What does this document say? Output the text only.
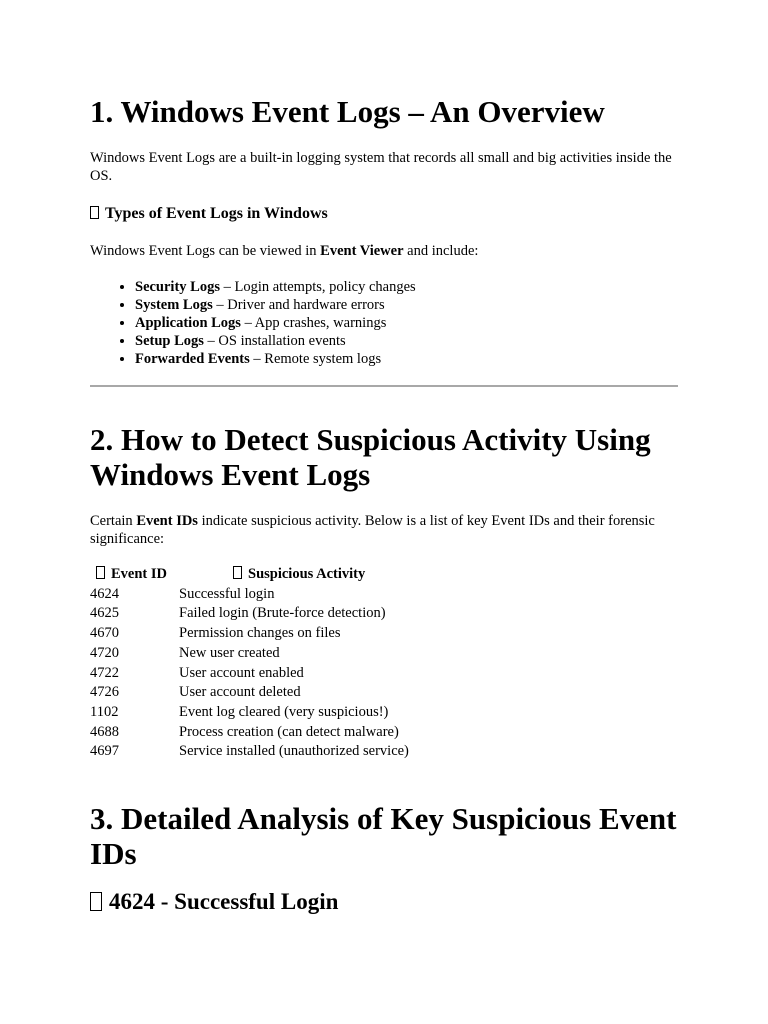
1. Windows Event Logs – An Overview

Windows Event Logs are a built-in logging system that records all small and big activities inside the OS.

Types of Event Logs in Windows

Windows Event Logs can be viewed in Event Viewer and include:

• Security Logs – Login attempts, policy changes
• System Logs – Driver and hardware errors
• Application Logs – App crashes, warnings
• Setup Logs – OS installation events
• Forwarded Events – Remote system logs
2. How to Detect Suspicious Activity Using
Windows Event Logs

Certain Event IDs indicate suspicious activity. Below is a list of key Event IDs and their forensic significance:

Event ID	Suspicious Activity
4624	Successful login
4625	Failed login (Brute-force detection)
4670	Permission changes on files
4720	New user created
4722	User account enabled
4726	User account deleted
1102	Event log cleared (very suspicious!)
4688	Process creation (can detect malware)
4697	Service installed (unauthorized service)
3. Detailed Analysis of Key Suspicious Event
IDs
4624 - Successful Login
